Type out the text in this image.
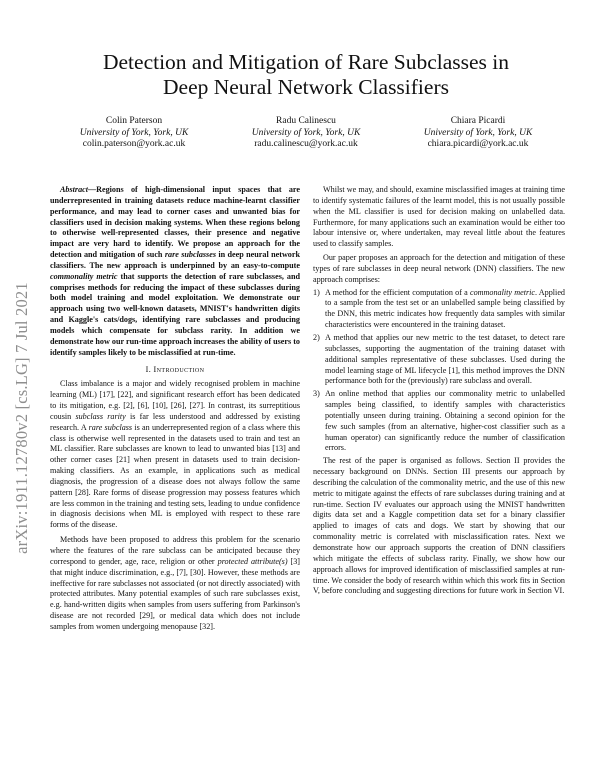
arXiv:1911.12780v2 [cs.LG] 7 Jul 2021
Detection and Mitigation of Rare Subclasses in
Deep Neural Network Classifiers
Colin Paterson
University of York, York, UK
colin.paterson@york.ac.uk
Radu Calinescu
University of York, York, UK
radu.calinescu@york.ac.uk
Chiara Picardi
University of York, York, UK
chiara.picardi@york.ac.uk

Abstract—Regions of high-dimensional input spaces that are underrepresented in training datasets reduce machine-learnt classifier performance, and may lead to corner cases and unwanted bias for classifiers used in decision making systems. When these regions belong to otherwise well-represented classes, their presence and negative impact are very hard to identify. We propose an approach for the detection and mitigation of such rare subclasses in deep neural network classifiers. The new approach is underpinned by an easy-to-compute commonality metric that supports the detection of rare subclasses, and comprises methods for reducing the impact of these subclasses during both model training and model exploitation. We demonstrate our approach using two well-known datasets, MNIST's handwritten digits and Kaggle's cats/dogs, identifying rare subclasses and producing models which compensate for subclass rarity. In addition we demonstrate how our run-time approach increases the ability of users to identify samples likely to be misclassified at run-time.

I. Introduction

Class imbalance is a major and widely recognised problem in machine learning (ML) [17], [22], and significant research effort has been dedicated to its mitigation, e.g. [2], [6], [10], [26], [27]. In contrast, its surreptitious cousin subclass rarity is far less understood and addressed by existing research. A rare subclass is an underrepresented region of a class where this class is otherwise well represented in the datasets used to train and test an ML classifier. Rare subclasses are known to lead to unwanted bias [13] and other corner cases [21] when present in datasets used to train decision-making classifiers. As an example, in applications such as medical diagnosis, the progression of a disease does not always follow the same pattern [28]. Rare forms of disease progression may possess features which are less common in the training and testing sets, leading to undue confidence in diagnosis decisions when ML is employed with respect to these rare forms of the disease.

Methods have been proposed to address this problem for the scenario where the features of the rare subclass can be anticipated because they correspond to gender, age, race, religion or other protected attribute(s) [3] that might induce discrimination, e.g., [7], [30]. However, these methods are ineffective for rare subclasses not associated (or not directly associated) with protected attributes. Many potential examples of such rare subclasses exist, e.g. hand-written digits when samples from users suffering from Parkinson's disease are not recorded [29], or medical data which does not include samples from women undergoing menopause [32].

Whilst we may, and should, examine misclassified images at training time to identify systematic failures of the learnt model, this is not usually possible when the ML classifier is used for decision making on unlabelled data. Furthermore, for many applications such an examination would be either too labour intensive or, where undertaken, may reveal little about the features used to classify samples.

Our paper proposes an approach for the detection and mitigation of these types of rare subclasses in deep neural network (DNN) classifiers. The new approach comprises:

1) A method for the efficient computation of a commonality metric. Applied to a sample from the test set or an unlabelled sample being classified by the DNN, this metric indicates how frequently data samples with similar characteristics were encountered in the training dataset.
2) A method that applies our new metric to the test dataset, to detect rare subclasses, supporting the augmentation of the training dataset with additional samples representative of these subclasses. Used during the model learning stage of ML lifecycle [1], this method improves the DNN performance both for the (previously) rare subclass and overall.
3) An online method that applies our commonality metric to unlabelled samples being classified, to identify samples with characteristics potentially unseen during training. Obtaining a second opinion for the few such samples (from an alternative, higher-cost classifier such as a human operator) can significantly reduce the number of classification errors.

The rest of the paper is organised as follows. Section II provides the necessary background on DNNs. Section III presents our approach by describing the calculation of the commonality metric, and the use of this new metric to mitigate against the effects of rare subclasses during training and at run-time. Section IV evaluates our approach using the MNIST handwritten digits data set and a Kaggle competition data set for a binary classifier applied to images of cats and dogs. We start by showing that our commonality metric is correlated with misclassification rates. Next we demonstrate how our approach supports the creation of DNN classifiers which mitigate the effects of subclass rarity. Finally, we show how our approach allows for improved identification of misclassified samples at run-time. We consider the body of research within which this work fits in Section V, before concluding and suggesting directions for future work in Section VI.
